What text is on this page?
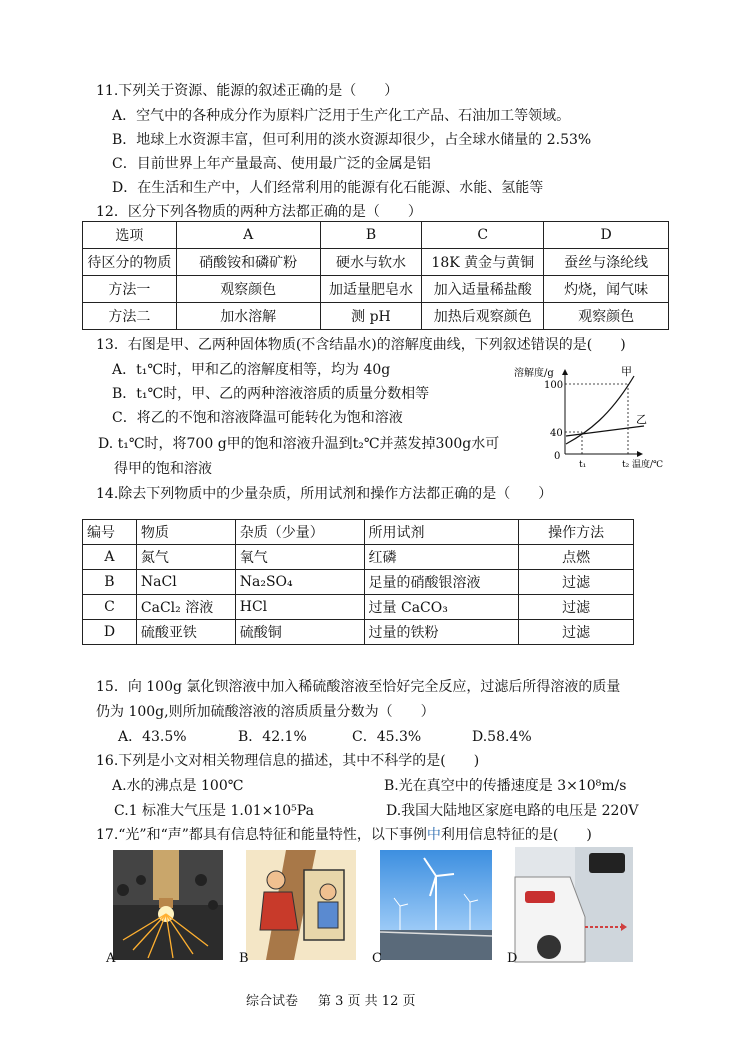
11.下列关于资源、能源的叙述正确的是（　　）
A．空气中的各种成分作为原料广泛用于生产化工产品、石油加工等领域。
B．地球上水资源丰富，但可利用的淡水资源却很少，占全球水储量的 2.53%
C．目前世界上年产量最高、使用最广泛的金属是铝
D．在生活和生产中，人们经常利用的能源有化石能源、水能、氢能等
12．区分下列各物质的两种方法都正确的是（　　）
选项	A	B	C	D
待区分的物质	硝酸铵和磷矿粉	硬水与软水	18K 黄金与黄铜	蚕丝与涤纶线
方法一	观察颜色	加适量肥皂水	加入适量稀盐酸	灼烧，闻气味
方法二	加水溶解	测 pH	加热后观察颜色	观察颜色
13．右图是甲、乙两种固体物质(不含结晶水)的溶解度曲线，下列叙述错误的是(　　)
A．t₁℃时，甲和乙的溶解度相等，均为 40g
B．t₁℃时，甲、乙的两种溶液溶质的质量分数相等
C．将乙的不饱和溶液降温可能转化为饱和溶液
D. t₁℃时，将700 g甲的饱和溶液升温到t₂℃并蒸发掉300g水可
得甲的饱和溶液
溶解度/g
100
40
0
t₁	t₂ 温度/℃
甲
乙
14.除去下列物质中的少量杂质，所用试剂和操作方法都正确的是（　　）
编号	物质	杂质（少量）	所用试剂	操作方法
A	氮气	氧气	红磷	点燃
B	NaCl	Na₂SO₄	足量的硝酸银溶液	过滤
C	CaCl₂ 溶液	HCl	过量 CaCO₃	过滤
D	硫酸亚铁	硫酸铜	过量的铁粉	过滤
15．向 100g 氯化钡溶液中加入稀硫酸溶液至恰好完全反应，过滤后所得溶液的质量
仍为 100g,则所加硫酸溶液的溶质质量分数为（　　）
A．43.5%	B．42.1%	C．45.3%	D.58.4%
16.下列是小文对相关物理信息的描述，其中不科学的是(　　)
A.水的沸点是 100℃	B.光在真空中的传播速度是 3×10⁸m/s
C.1 标准大气压是 1.01×10⁵Pa	D.我国大陆地区家庭电路的电压是 220V
17.“光”和“声”都具有信息特征和能量特性，以下事例中利用信息特征的是(　　)
A	B	C	D
综合试卷 第 3 页 共 12 页
